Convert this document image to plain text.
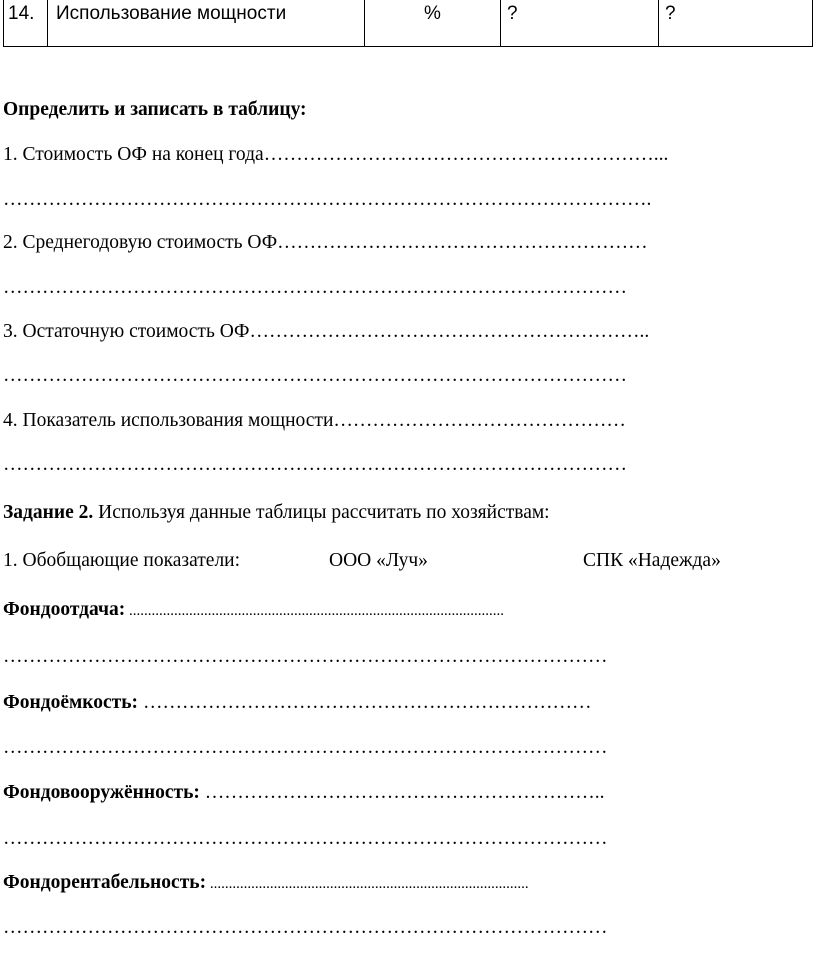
14.	Использование мощности	%	?	?
Определить и записать в таблицу:
1. Стоимость ОФ на конец года……………………………………………………...
……………………………………………………………………………………….
2. Среднегодовую стоимость ОФ…………………………………………………
……………………………………………………………………………………
3. Остаточную стоимость ОФ……………………………………………………..
……………………………………………………………………………………
4. Показатель использования мощности………………………………………
……………………………………………………………………………………
Задание 2. Используя данные таблицы рассчитать по хозяйствам:
1. Обобщающие показатели:	ООО «Луч»	СПК «Надежда»
Фондоотдача: ....................................................................................................
…………………………………………………………………………………
Фондоёмкость: ……………………………………………………………
…………………………………………………………………………………
Фондовооружённость: ……………………………………………………..
…………………………………………………………………………………
Фондорентабельность: .....................................................................................
…………………………………………………………………………………
